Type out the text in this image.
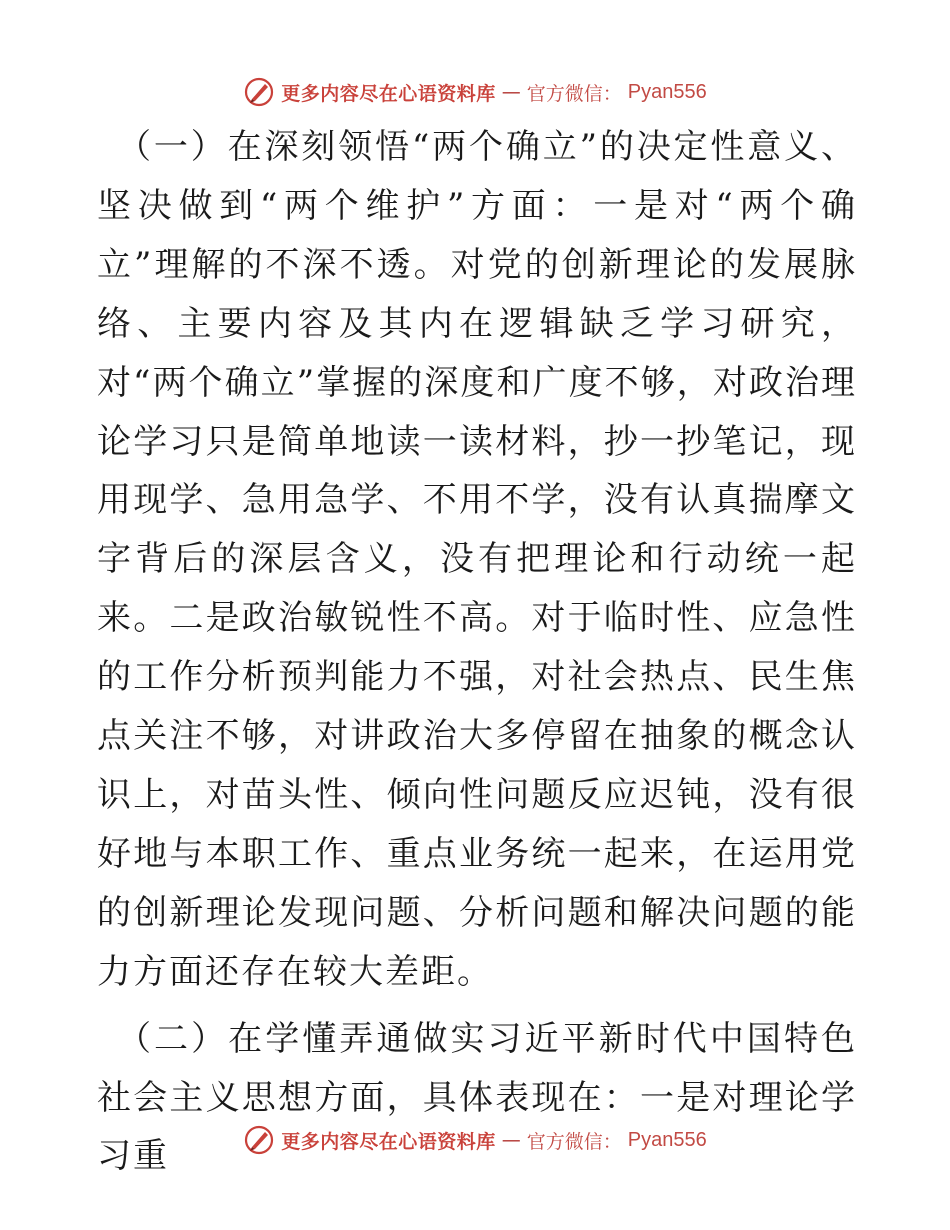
更多内容尽在心语资料库 — 官方微信： Pyan556

（一）在深刻领悟“两个确立”的决定性意义、坚决做到“两个维护”方面：一是对“两个确立”理解的不深不透。对党的创新理论的发展脉络、主要内容及其内在逻辑缺乏学习研究，对“两个确立”掌握的深度和广度不够，对政治理论学习只是简单地读一读材料，抄一抄笔记，现用现学、急用急学、不用不学，没有认真揣摩文字背后的深层含义，没有把理论和行动统一起来。二是政治敏锐性不高。对于临时性、应急性的工作分析预判能力不强，对社会热点、民生焦点关注不够，对讲政治大多停留在抽象的概念认识上，对苗头性、倾向性问题反应迟钝，没有很好地与本职工作、重点业务统一起来，在运用党的创新理论发现问题、分析问题和解决问题的能力方面还存在较大差距。

（二）在学懂弄通做实习近平新时代中国特色社会主义思想方面，具体表现在：一是对理论学习重	更多内容尽在心语资料库 — 官方微信： Pyan556
